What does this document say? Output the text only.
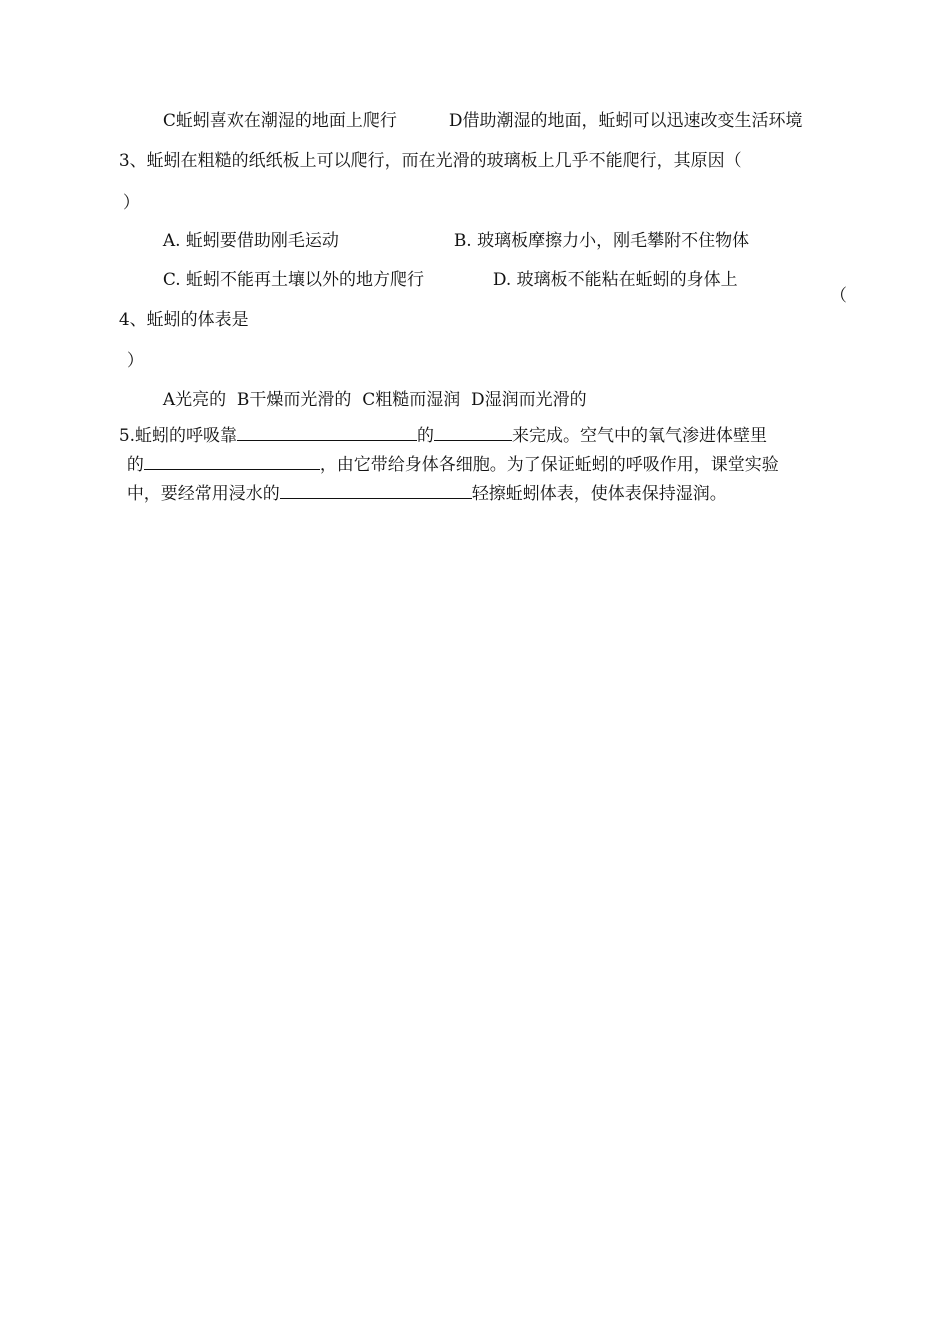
C蚯蚓喜欢在潮湿的地面上爬行	D借助潮湿的地面，蚯蚓可以迅速改变生活环境

3、蚯蚓在粗糙的纸纸板上可以爬行，而在光滑的玻璃板上几乎不能爬行，其原因（

）

A. 蚯蚓要借助刚毛运动	B. 玻璃板摩擦力小，刚毛攀附不住物体

C. 蚯蚓不能再土壤以外的地方爬行	D. 玻璃板不能粘在蚯蚓的身体上

4、蚯蚓的体表是

（

）

A光亮的 B干燥而光滑的 C粗糙而湿润 D湿润而光滑的

5.蚯蚓的呼吸靠	的	来完成。空气中的氧气渗进体壁里

的	，由它带给身体各细胞。为了保证蚯蚓的呼吸作用，课堂实验

中，要经常用浸水的	轻擦蚯蚓体表，使体表保持湿润。
